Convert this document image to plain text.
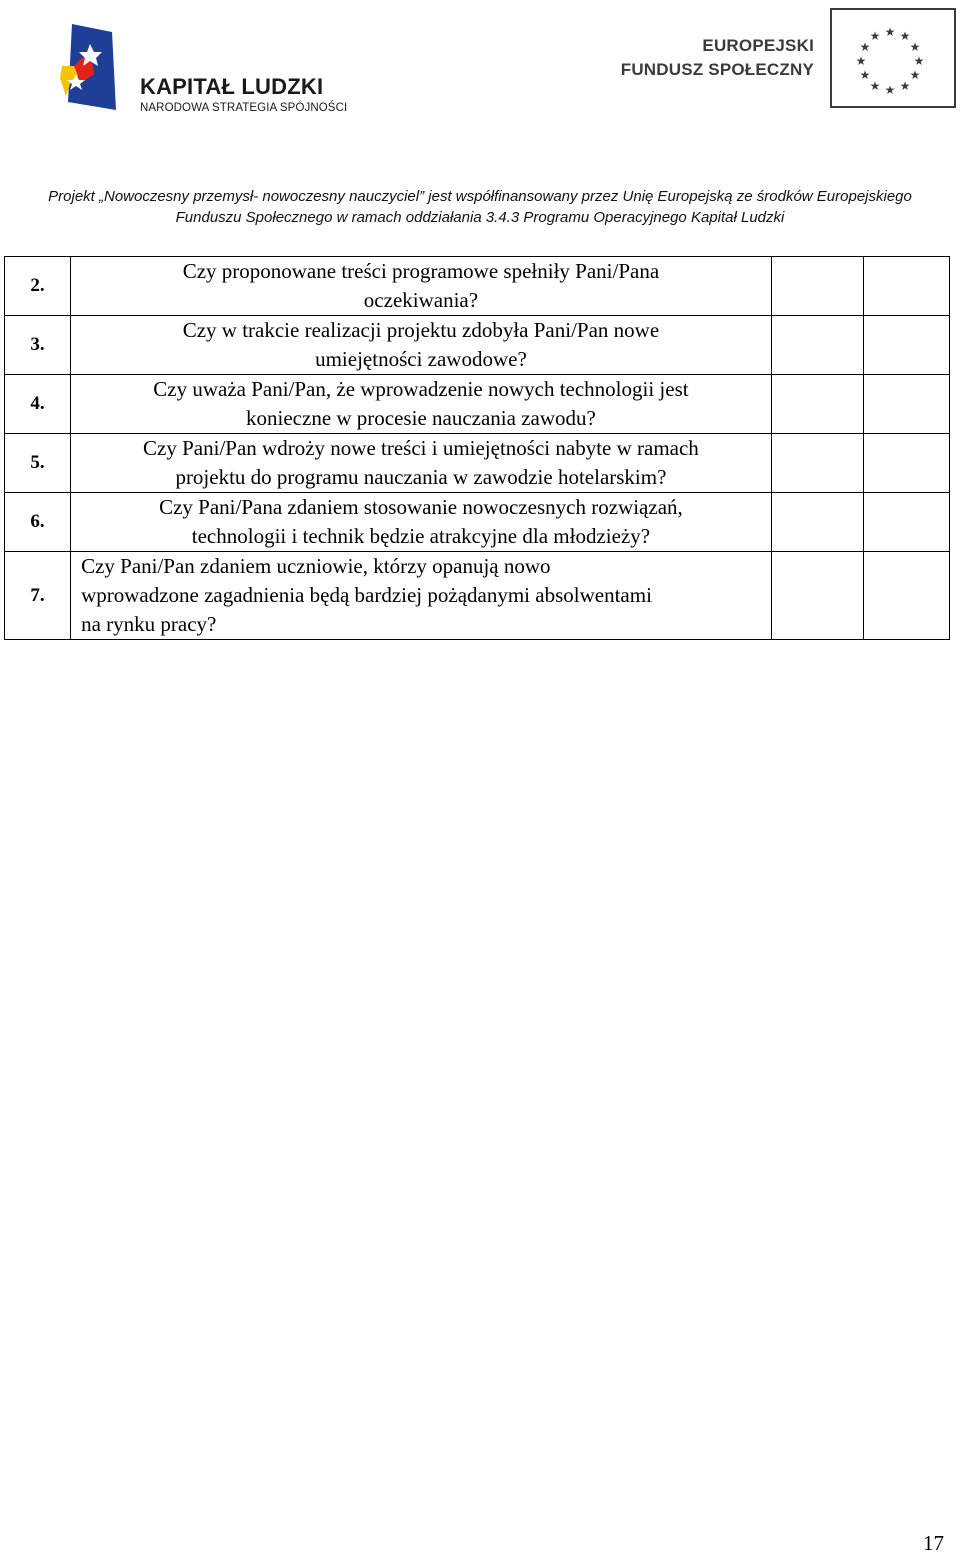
KAPITAŁ LUDZKI
NARODOWA STRATEGIA SPÓJNOŚCI
EUROPEJSKI
FUNDUSZ SPOŁECZNY
★ ★
★
★
★
★
★
★
★
★
★
★
Projekt „Nowoczesny przemysł- nowoczesny nauczyciel” jest współfinansowany przez Unię Europejską ze środków Europejskiego
Funduszu Społecznego w ramach oddziałania 3.4.3 Programu Operacyjnego Kapitał Ludzki
2.	Czy proponowane treści programowe spełniły Pani/Pana
oczekiwania?		

3.	Czy w trakcie realizacji projektu zdobyła Pani/Pan nowe
umiejętności zawodowe?		

4.	Czy uważa Pani/Pan, że wprowadzenie nowych technologii jest
konieczne w procesie nauczania zawodu?		

5.	Czy Pani/Pan wdroży nowe treści i umiejętności nabyte w ramach
projektu do programu nauczania w zawodzie hotelarskim?		

6.	Czy Pani/Pana zdaniem stosowanie nowoczesnych rozwiązań,
technologii i technik będzie atrakcyjne dla młodzieży?		

7.	Czy Pani/Pan zdaniem uczniowie, którzy opanują nowo
wprowadzone zagadnienia będą bardziej pożądanymi absolwentami
na rynku pracy?		

17
